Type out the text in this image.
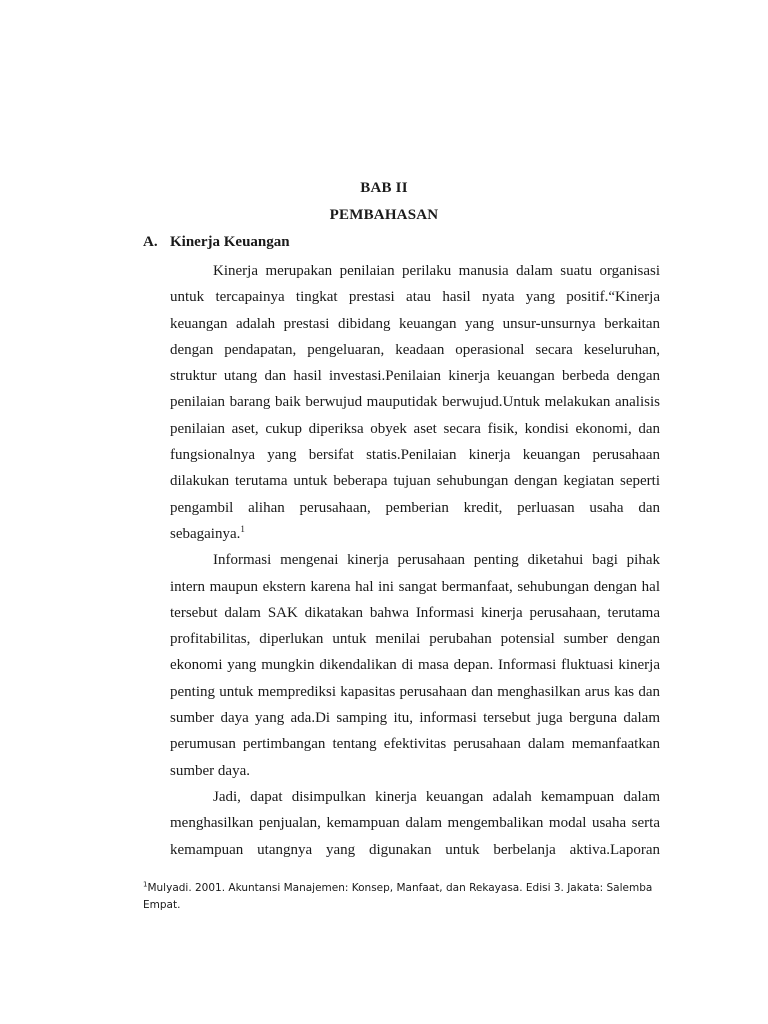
BAB II
PEMBAHASAN
A. Kinerja Keuangan

Kinerja merupakan penilaian perilaku manusia dalam suatu organisasi untuk tercapainya tingkat prestasi atau hasil nyata yang positif.“Kinerja keuangan adalah prestasi dibidang keuangan yang unsur-unsurnya berkaitan dengan pendapatan, pengeluaran, keadaan operasional secara keseluruhan, struktur utang dan hasil investasi.Penilaian kinerja keuangan berbeda dengan penilaian barang baik berwujud mauputidak berwujud.Untuk melakukan analisis penilaian aset, cukup diperiksa obyek aset secara fisik, kondisi ekonomi, dan fungsionalnya yang bersifat statis.Penilaian kinerja keuangan perusahaan dilakukan terutama untuk beberapa tujuan sehubungan dengan kegiatan seperti pengambil alihan perusahaan, pemberian kredit, perluasan usaha dan sebagainya.$^1$

Informasi mengenai kinerja perusahaan penting diketahui bagi pihak intern maupun ekstern karena hal ini sangat bermanfaat, sehubungan dengan hal tersebut dalam SAK dikatakan bahwa Informasi kinerja perusahaan, terutama profitabilitas, diperlukan untuk menilai perubahan potensial sumber dengan ekonomi yang mungkin dikendalikan di masa depan. Informasi fluktuasi kinerja penting untuk memprediksi kapasitas perusahaan dan menghasilkan arus kas dan sumber daya yang ada.Di samping itu, informasi tersebut juga berguna dalam perumusan pertimbangan tentang efektivitas perusahaan dalam memanfaatkan sumber daya.

Jadi, dapat disimpulkan kinerja keuangan adalah kemampuan dalam menghasilkan penjualan, kemampuan dalam mengembalikan modal usaha serta kemampuan utangnya yang digunakan untuk berbelanja aktiva.Laporan

$^1$Mulyadi. 2001. Akuntansi Manajemen: Konsep, Manfaat, dan Rekayasa. Edisi 3. Jakata: Salemba Empat.
